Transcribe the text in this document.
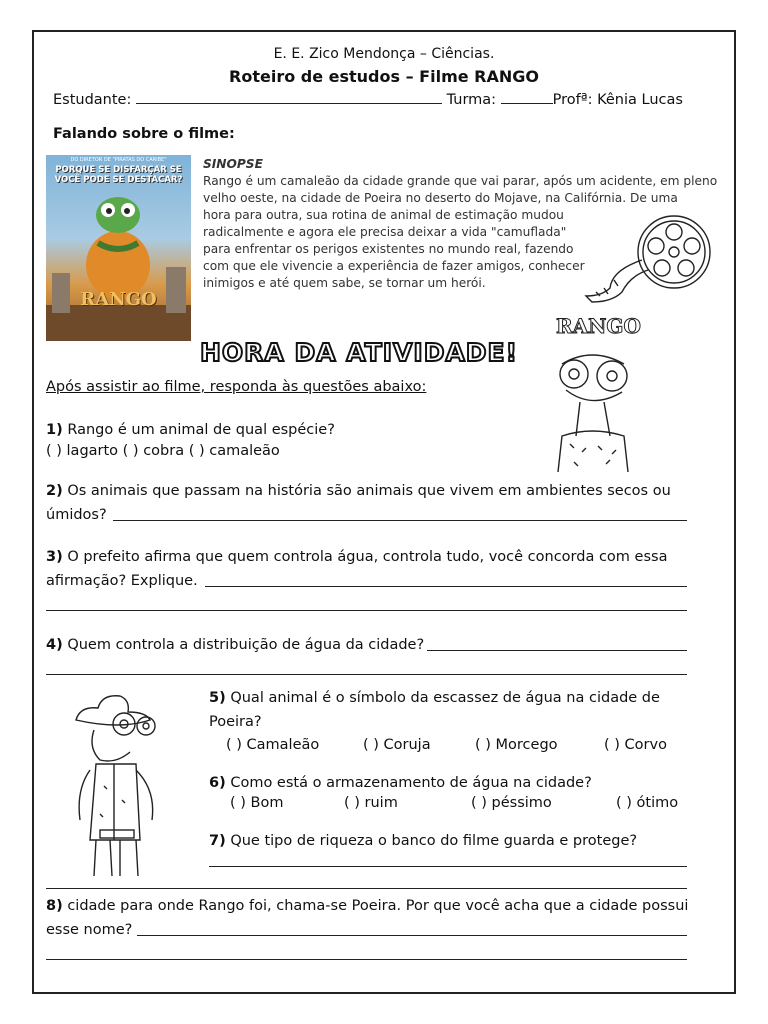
E. E. Zico Mendonça – Ciências.
Roteiro de estudos – Filme RANGO
Estudante:	Turma:	Profª: Kênia Lucas
Falando sobre o filme:
DO DIRETOR DE "PIRATAS DO CARIBE"
PORQUE SE DISFARÇAR SE VOCÊ PODE SE DESTACAR?
RANGO
SINOPSE
Rango é um camaleão da cidade grande que vai parar, após um acidente, em pleno
velho oeste, na cidade de Poeira no deserto do Mojave, na Califórnia. De uma
hora para outra, sua rotina de animal de estimação mudou
radicalmente e agora ele precisa deixar a vida "camuflada"
para enfrentar os perigos existentes no mundo real, fazendo
com que ele vivencie a experiência de fazer amigos, conhecer
inimigos e até quem sabe, se tornar um herói.
HORA DA ATIVIDADE!
RANGO
Após assistir ao filme, responda às questões abaixo:
1) Rango é um animal de qual espécie?
( ) lagarto ( ) cobra ( ) camaleão
2) Os animais que passam na história são animais que vivem em ambientes secos ou
úmidos?
3) O prefeito afirma que quem controla água, controla tudo, você concorda com essa
afirmação? Explique.
4) Quem controla a distribuição de água da cidade?
5) Qual animal é o símbolo da escassez de água na cidade de
Poeira?
( ) Camaleão	( ) Coruja	( ) Morcego	( ) Corvo
6) Como está o armazenamento de água na cidade?
( ) Bom	( ) ruim	( ) péssimo	( ) ótimo
7) Que tipo de riqueza o banco do filme guarda e protege?
8) cidade para onde Rango foi, chama-se Poeira. Por que você acha que a cidade possui
esse nome?
